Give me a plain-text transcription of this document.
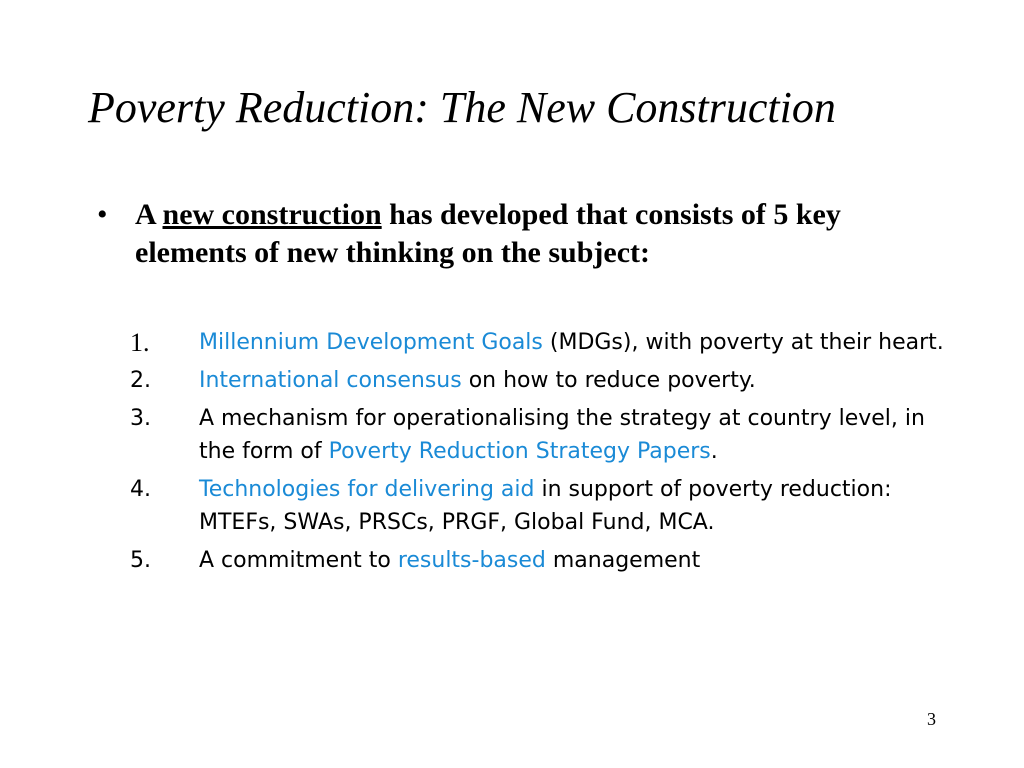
Poverty Reduction: The New Construction
• A new construction has developed that consists of 5 key elements of new thinking on the subject:
1.	Millennium Development Goals (MDGs), with poverty at their heart.
2.	International consensus on how to reduce poverty.
3.	A mechanism for operationalising the strategy at country level, in the form of Poverty Reduction Strategy Papers.
4.	Technologies for delivering aid in support of poverty reduction: MTEFs, SWAs, PRSCs, PRGF, Global Fund, MCA.
5.	A commitment to results-based management
3
